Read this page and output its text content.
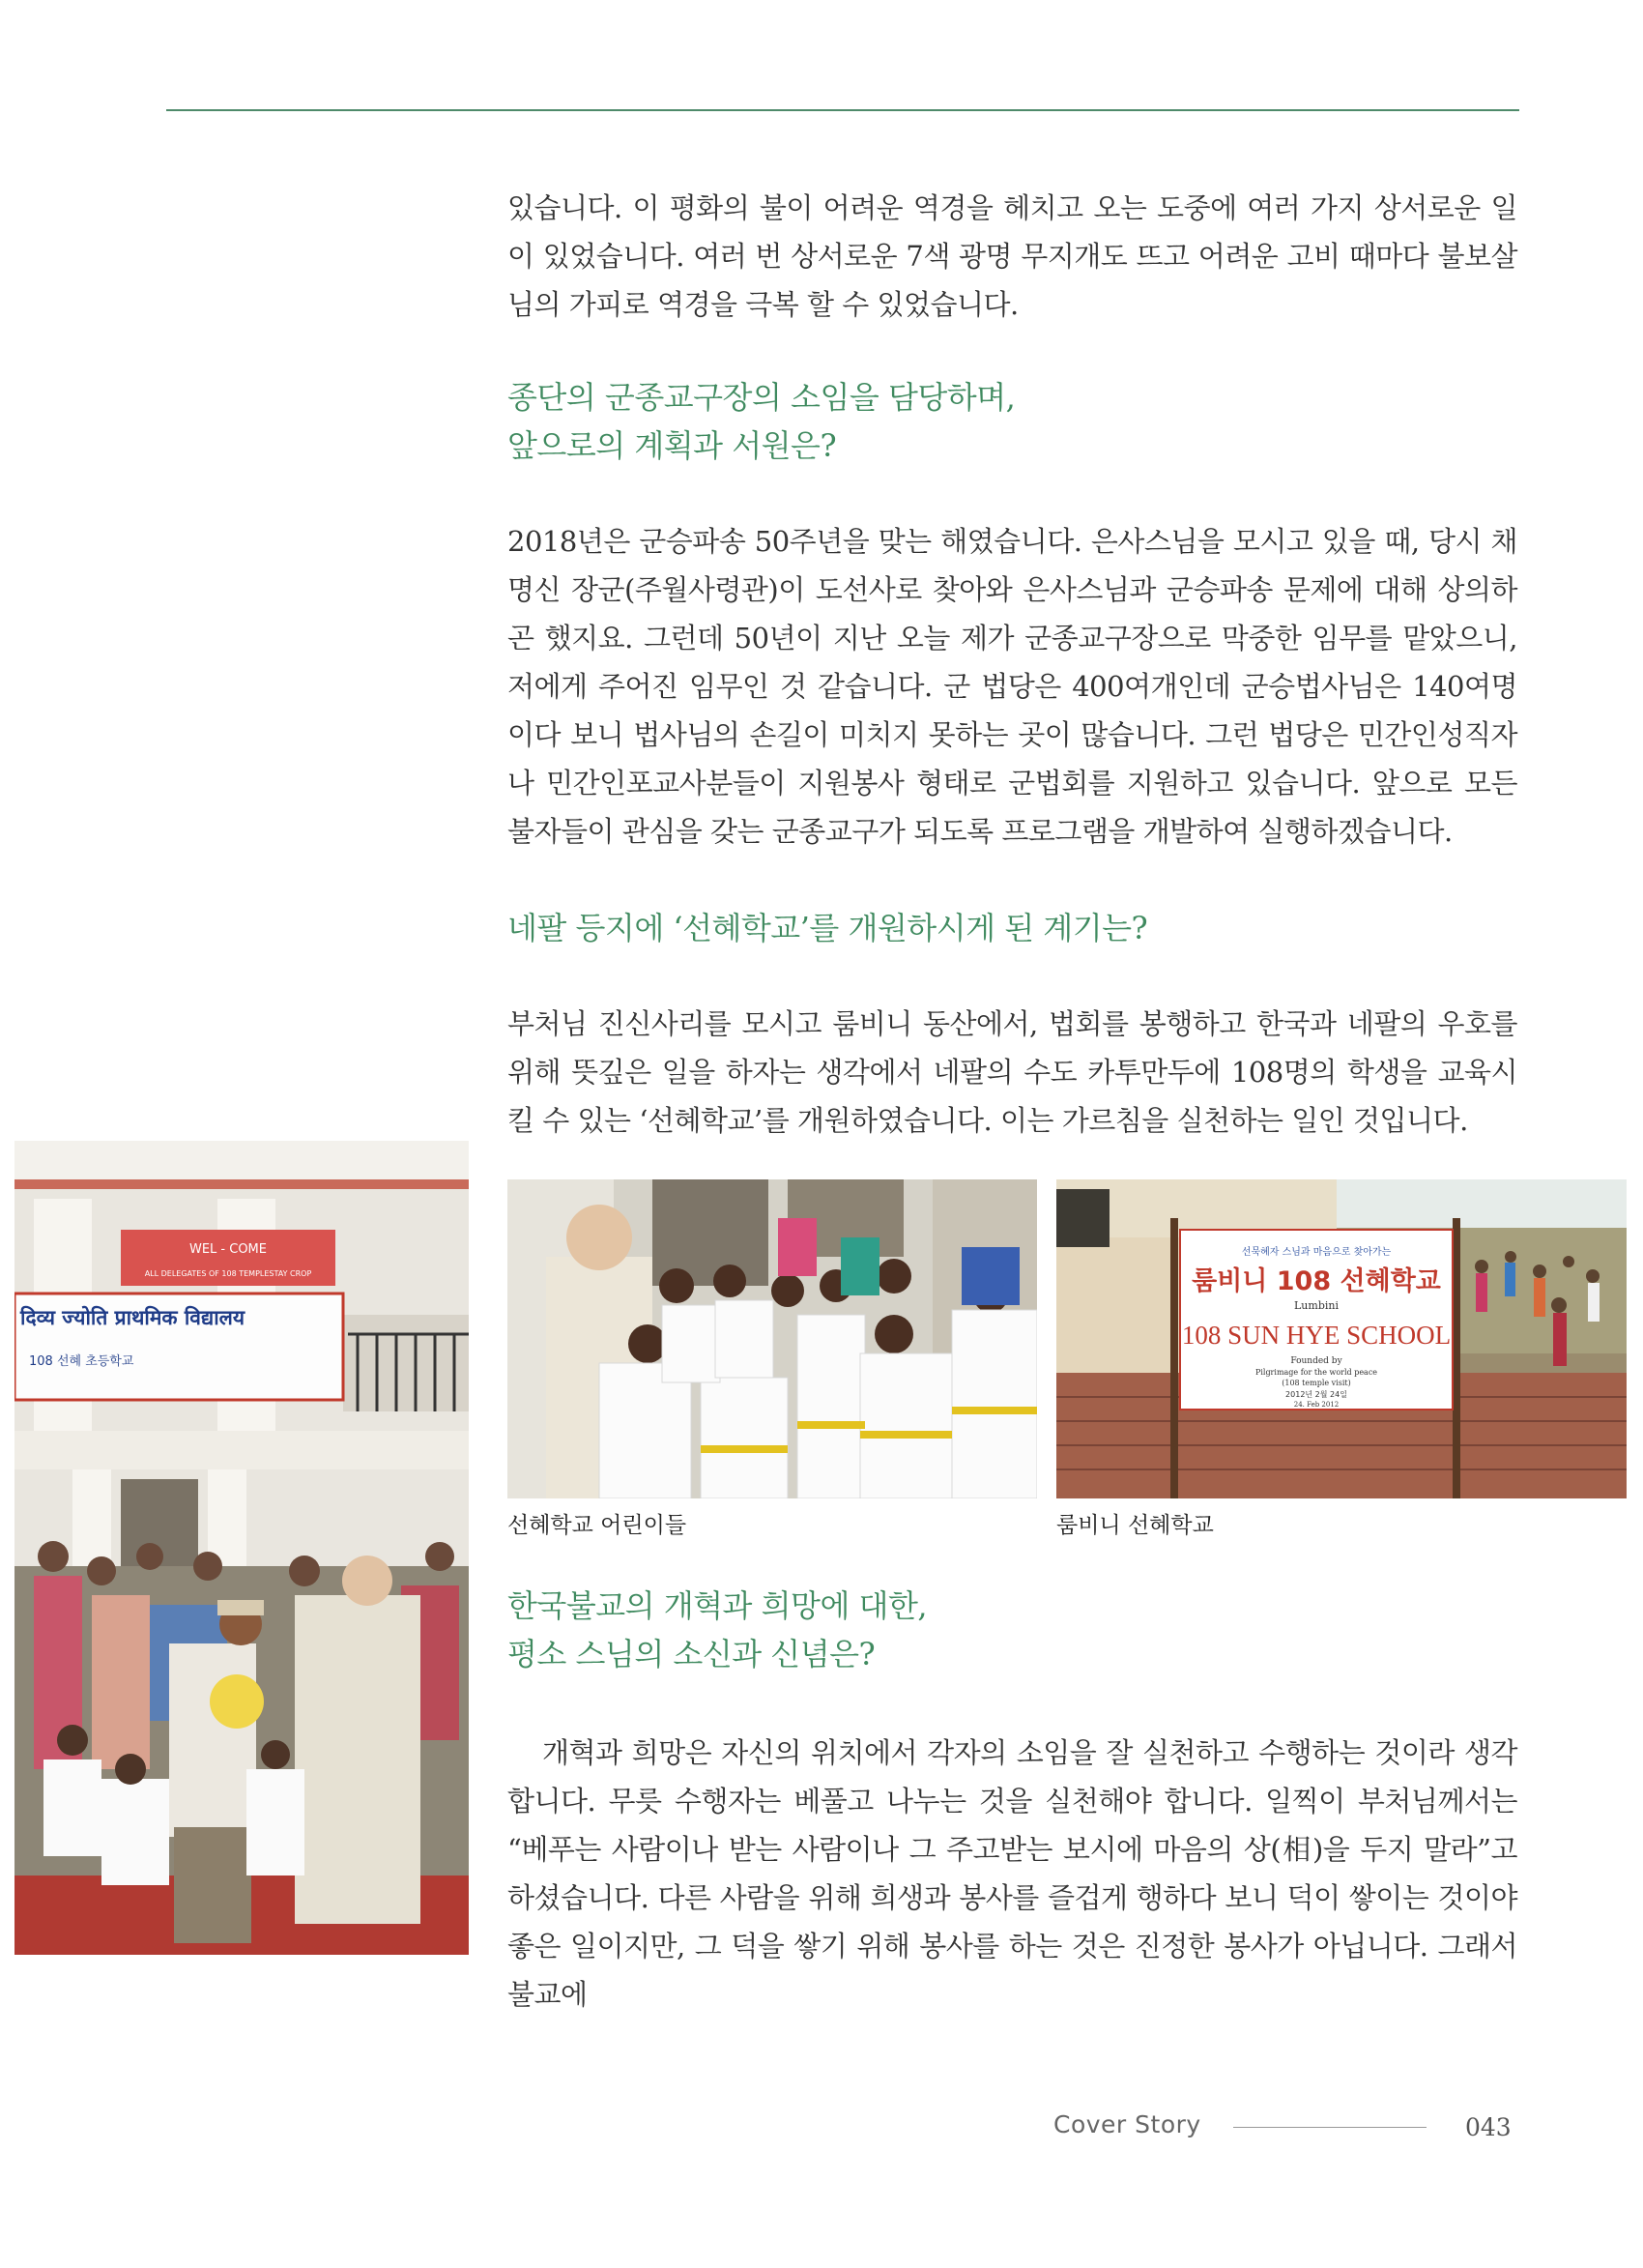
있습니다. 이 평화의 불이 어려운 역경을 헤치고 오는 도중에 여러 가지 상서로운 일이 있었습니다. 여러 번 상서로운 7색 광명 무지개도 뜨고 어려운 고비 때마다 불보살님의 가피로 역경을 극복 할 수 있었습니다.

종단의 군종교구장의 소임을 담당하며,

앞으로의 계획과 서원은?

2018년은 군승파송 50주년을 맞는 해였습니다. 은사스님을 모시고 있을 때, 당시 채명신 장군(주월사령관)이 도선사로 찾아와 은사스님과 군승파송 문제에 대해 상의하곤 했지요. 그런데 50년이 지난 오늘 제가 군종교구장으로 막중한 임무를 맡았으니, 저에게 주어진 임무인 것 같습니다. 군 법당은 400여개인데 군승법사님은 140여명이다 보니 법사님의 손길이 미치지 못하는 곳이 많습니다. 그런 법당은 민간인성직자나 민간인포교사분들이 지원봉사 형태로 군법회를 지원하고 있습니다. 앞으로 모든 불자들이 관심을 갖는 군종교구가 되도록 프로그램을 개발하여 실행하겠습니다.

네팔 등지에 ‘선혜학교’를 개원하시게 된 계기는?

부처님 진신사리를 모시고 룸비니 동산에서, 법회를 봉행하고 한국과 네팔의 우호를 위해 뜻깊은 일을 하자는 생각에서 네팔의 수도 카투만두에 108명의 학생을 교육시킬 수 있는 ‘선혜학교’를 개원하였습니다. 이는 가르침을 실천하는 일인 것입니다.

WEL - COME
ALL DELEGATES OF 108 TEMPLESTAY CROP
दिव्य ज्योति प्राथमिक विद्यालय
108 선혜 초등학교
선혜학교 어린이들
선묵혜자 스님과 마음으로 찾아가는
룸비니 108 선혜학교
Lumbini
108 SUN HYE SCHOOL
Founded by
Pilgrimage for the world peace
(108 temple visit)
2012년 2월 24일
24. Feb 2012
룸비니 선혜학교

한국불교의 개혁과 희망에 대한,

평소 스님의 소신과 신념은?

개혁과 희망은 자신의 위치에서 각자의 소임을 잘 실천하고 수행하는 것이라 생각합니다. 무릇 수행자는 베풀고 나누는 것을 실천해야 합니다. 일찍이 부처님께서는 “베푸는 사람이나 받는 사람이나 그 주고받는 보시에 마음의 상(相)을 두지 말라”고 하셨습니다. 다른 사람을 위해 희생과 봉사를 즐겁게 행하다 보니 덕이 쌓이는 것이야 좋은 일이지만, 그 덕을 쌓기 위해 봉사를 하는 것은 진정한 봉사가 아닙니다. 그래서 불교에

Cover Story	043
